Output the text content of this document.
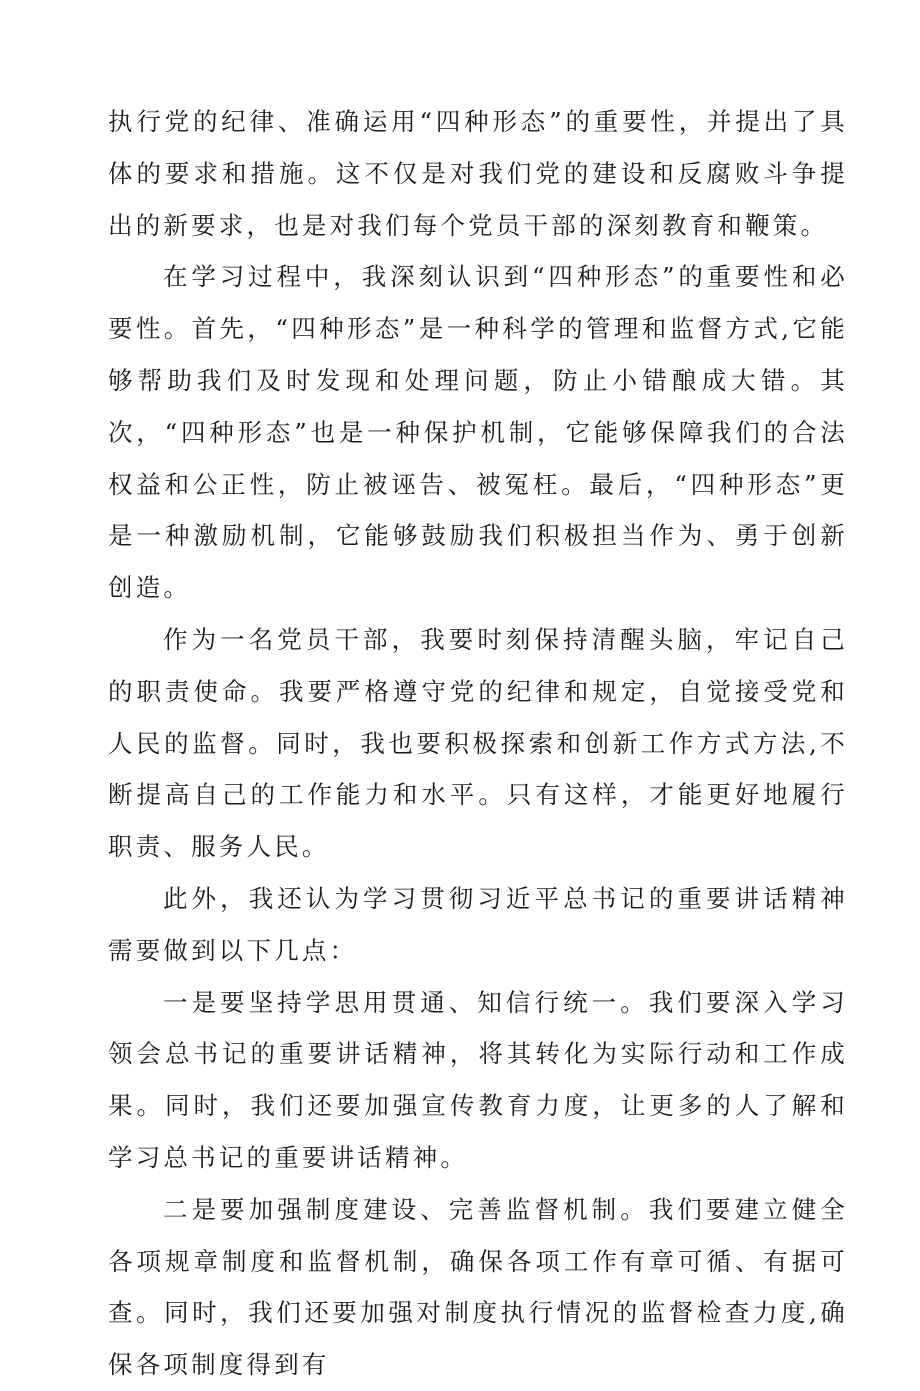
执行党的纪律、准确运用“四种形态”的重要性，并提出了具体的要求和措施。这不仅是对我们党的建设和反腐败斗争提出的新要求，也是对我们每个党员干部的深刻教育和鞭策。

在学习过程中，我深刻认识到“四种形态”的重要性和必要性。首先，“四种形态”是一种科学的管理和监督方式,它能够帮助我们及时发现和处理问题，防止小错酿成大错。其次，“四种形态”也是一种保护机制，它能够保障我们的合法权益和公正性，防止被诬告、被冤枉。最后，“四种形态”更是一种激励机制，它能够鼓励我们积极担当作为、勇于创新创造。

作为一名党员干部，我要时刻保持清醒头脑，牢记自己的职责使命。我要严格遵守党的纪律和规定，自觉接受党和人民的监督。同时，我也要积极探索和创新工作方式方法,不断提高自己的工作能力和水平。只有这样，才能更好地履行职责、服务人民。

此外，我还认为学习贯彻习近平总书记的重要讲话精神需要做到以下几点：

一是要坚持学思用贯通、知信行统一。我们要深入学习领会总书记的重要讲话精神，将其转化为实际行动和工作成果。同时，我们还要加强宣传教育力度，让更多的人了解和学习总书记的重要讲话精神。

二是要加强制度建设、完善监督机制。我们要建立健全各项规章制度和监督机制，确保各项工作有章可循、有据可查。同时，我们还要加强对制度执行情况的监督检查力度,确保各项制度得到有
